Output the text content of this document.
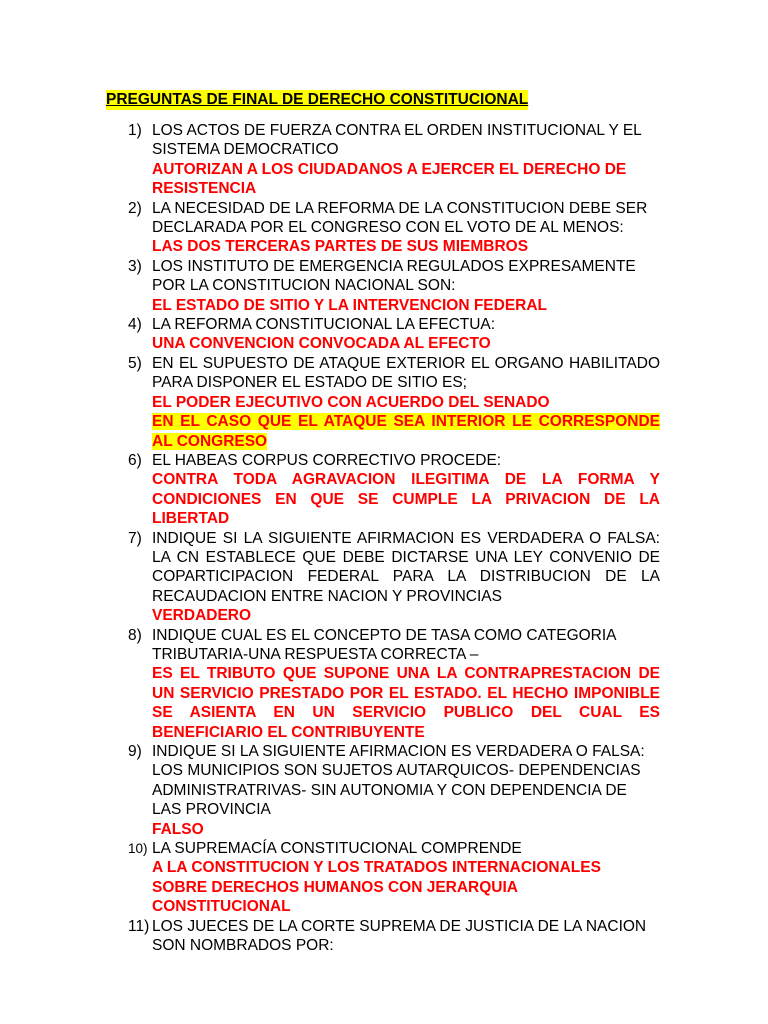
PREGUNTAS DE FINAL DE DERECHO CONSTITUCIONAL
1) LOS ACTOS DE FUERZA CONTRA EL ORDEN INSTITUCIONAL Y EL SISTEMA DEMOCRATICO
AUTORIZAN A LOS CIUDADANOS A EJERCER EL DERECHO DE RESISTENCIA
2) LA NECESIDAD DE LA REFORMA DE LA CONSTITUCION DEBE SER DECLARADA POR EL CONGRESO CON EL VOTO DE AL MENOS:
LAS DOS TERCERAS PARTES DE SUS MIEMBROS
3) LOS INSTITUTO DE EMERGENCIA REGULADOS EXPRESAMENTE POR LA CONSTITUCION NACIONAL SON:
EL ESTADO DE SITIO Y LA INTERVENCION FEDERAL
4) LA REFORMA CONSTITUCIONAL LA EFECTUA:
UNA CONVENCION CONVOCADA AL EFECTO
5) EN EL SUPUESTO DE ATAQUE EXTERIOR EL ORGANO HABILITADO PARA DISPONER EL ESTADO DE SITIO ES;
EL PODER EJECUTIVO CON ACUERDO DEL SENADO
EN EL CASO QUE EL ATAQUE SEA INTERIOR LE CORRESPONDE AL CONGRESO
6) EL HABEAS CORPUS CORRECTIVO PROCEDE:
CONTRA TODA AGRAVACION ILEGITIMA DE LA FORMA Y CONDICIONES EN QUE SE CUMPLE LA PRIVACION DE LA LIBERTAD
7) INDIQUE SI LA SIGUIENTE AFIRMACION ES VERDADERA O FALSA: LA CN ESTABLECE QUE DEBE DICTARSE UNA LEY CONVENIO DE COPARTICIPACION FEDERAL PARA LA DISTRIBUCION DE LA RECAUDACION ENTRE NACION Y PROVINCIAS
VERDADERO
8) INDIQUE CUAL ES EL CONCEPTO DE TASA COMO CATEGORIA TRIBUTARIA-UNA RESPUESTA CORRECTA –
ES EL TRIBUTO QUE SUPONE UNA LA CONTRAPRESTACION DE UN SERVICIO PRESTADO POR EL ESTADO. EL HECHO IMPONIBLE SE ASIENTA EN UN SERVICIO PUBLICO DEL CUAL ES BENEFICIARIO EL CONTRIBUYENTE
9) INDIQUE SI LA SIGUIENTE AFIRMACION ES VERDADERA O FALSA: LOS MUNICIPIOS SON SUJETOS AUTARQUICOS- DEPENDENCIAS ADMINISTRATRIVAS- SIN AUTONOMIA Y CON DEPENDENCIA DE LAS PROVINCIA
FALSO
10) LA SUPREMACÍA CONSTITUCIONAL COMPRENDE
A LA CONSTITUCION Y LOS TRATADOS INTERNACIONALES SOBRE DERECHOS HUMANOS CON JERARQUIA CONSTITUCIONAL
11) LOS JUECES DE LA CORTE SUPREMA DE JUSTICIA DE LA NACION SON NOMBRADOS POR:
